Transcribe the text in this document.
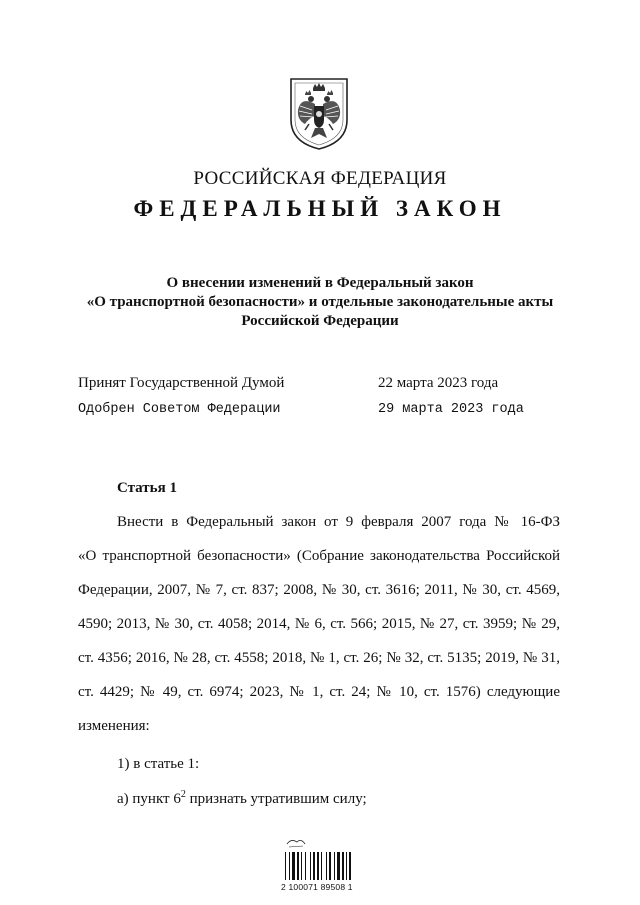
РОССИЙСКАЯ ФЕДЕРАЦИЯ
ФЕДЕРАЛЬНЫЙ ЗАКОН
О внесении изменений в Федеральный закон
«О транспортной безопасности» и отдельные законодательные акты
Российской Федерации
Принят Государственной Думой	22 марта 2023 года
Одобрен Советом Федерации	29 марта 2023 года
Статья 1
Внести в Федеральный закон от 9 февраля 2007 года № 16-ФЗ
«О транспортной безопасности» (Собрание законодательства Российской
Федерации, 2007, № 7, ст. 837; 2008, № 30, ст. 3616; 2011, № 30, ст. 4569,
4590; 2013, № 30, ст. 4058; 2014, № 6, ст. 566; 2015, № 27, ст. 3959; № 29,
ст. 4356; 2016, № 28, ст. 4558; 2018, № 1, ст. 26; № 32, ст. 5135; 2019, № 31,
ст. 4429; № 49, ст. 6974; 2023, № 1, ст. 24; № 10, ст. 1576) следующие
изменения:
1) в статье 1:
а) пункт $6^2$ признать утратившим силу;
2 100071 89508 1
